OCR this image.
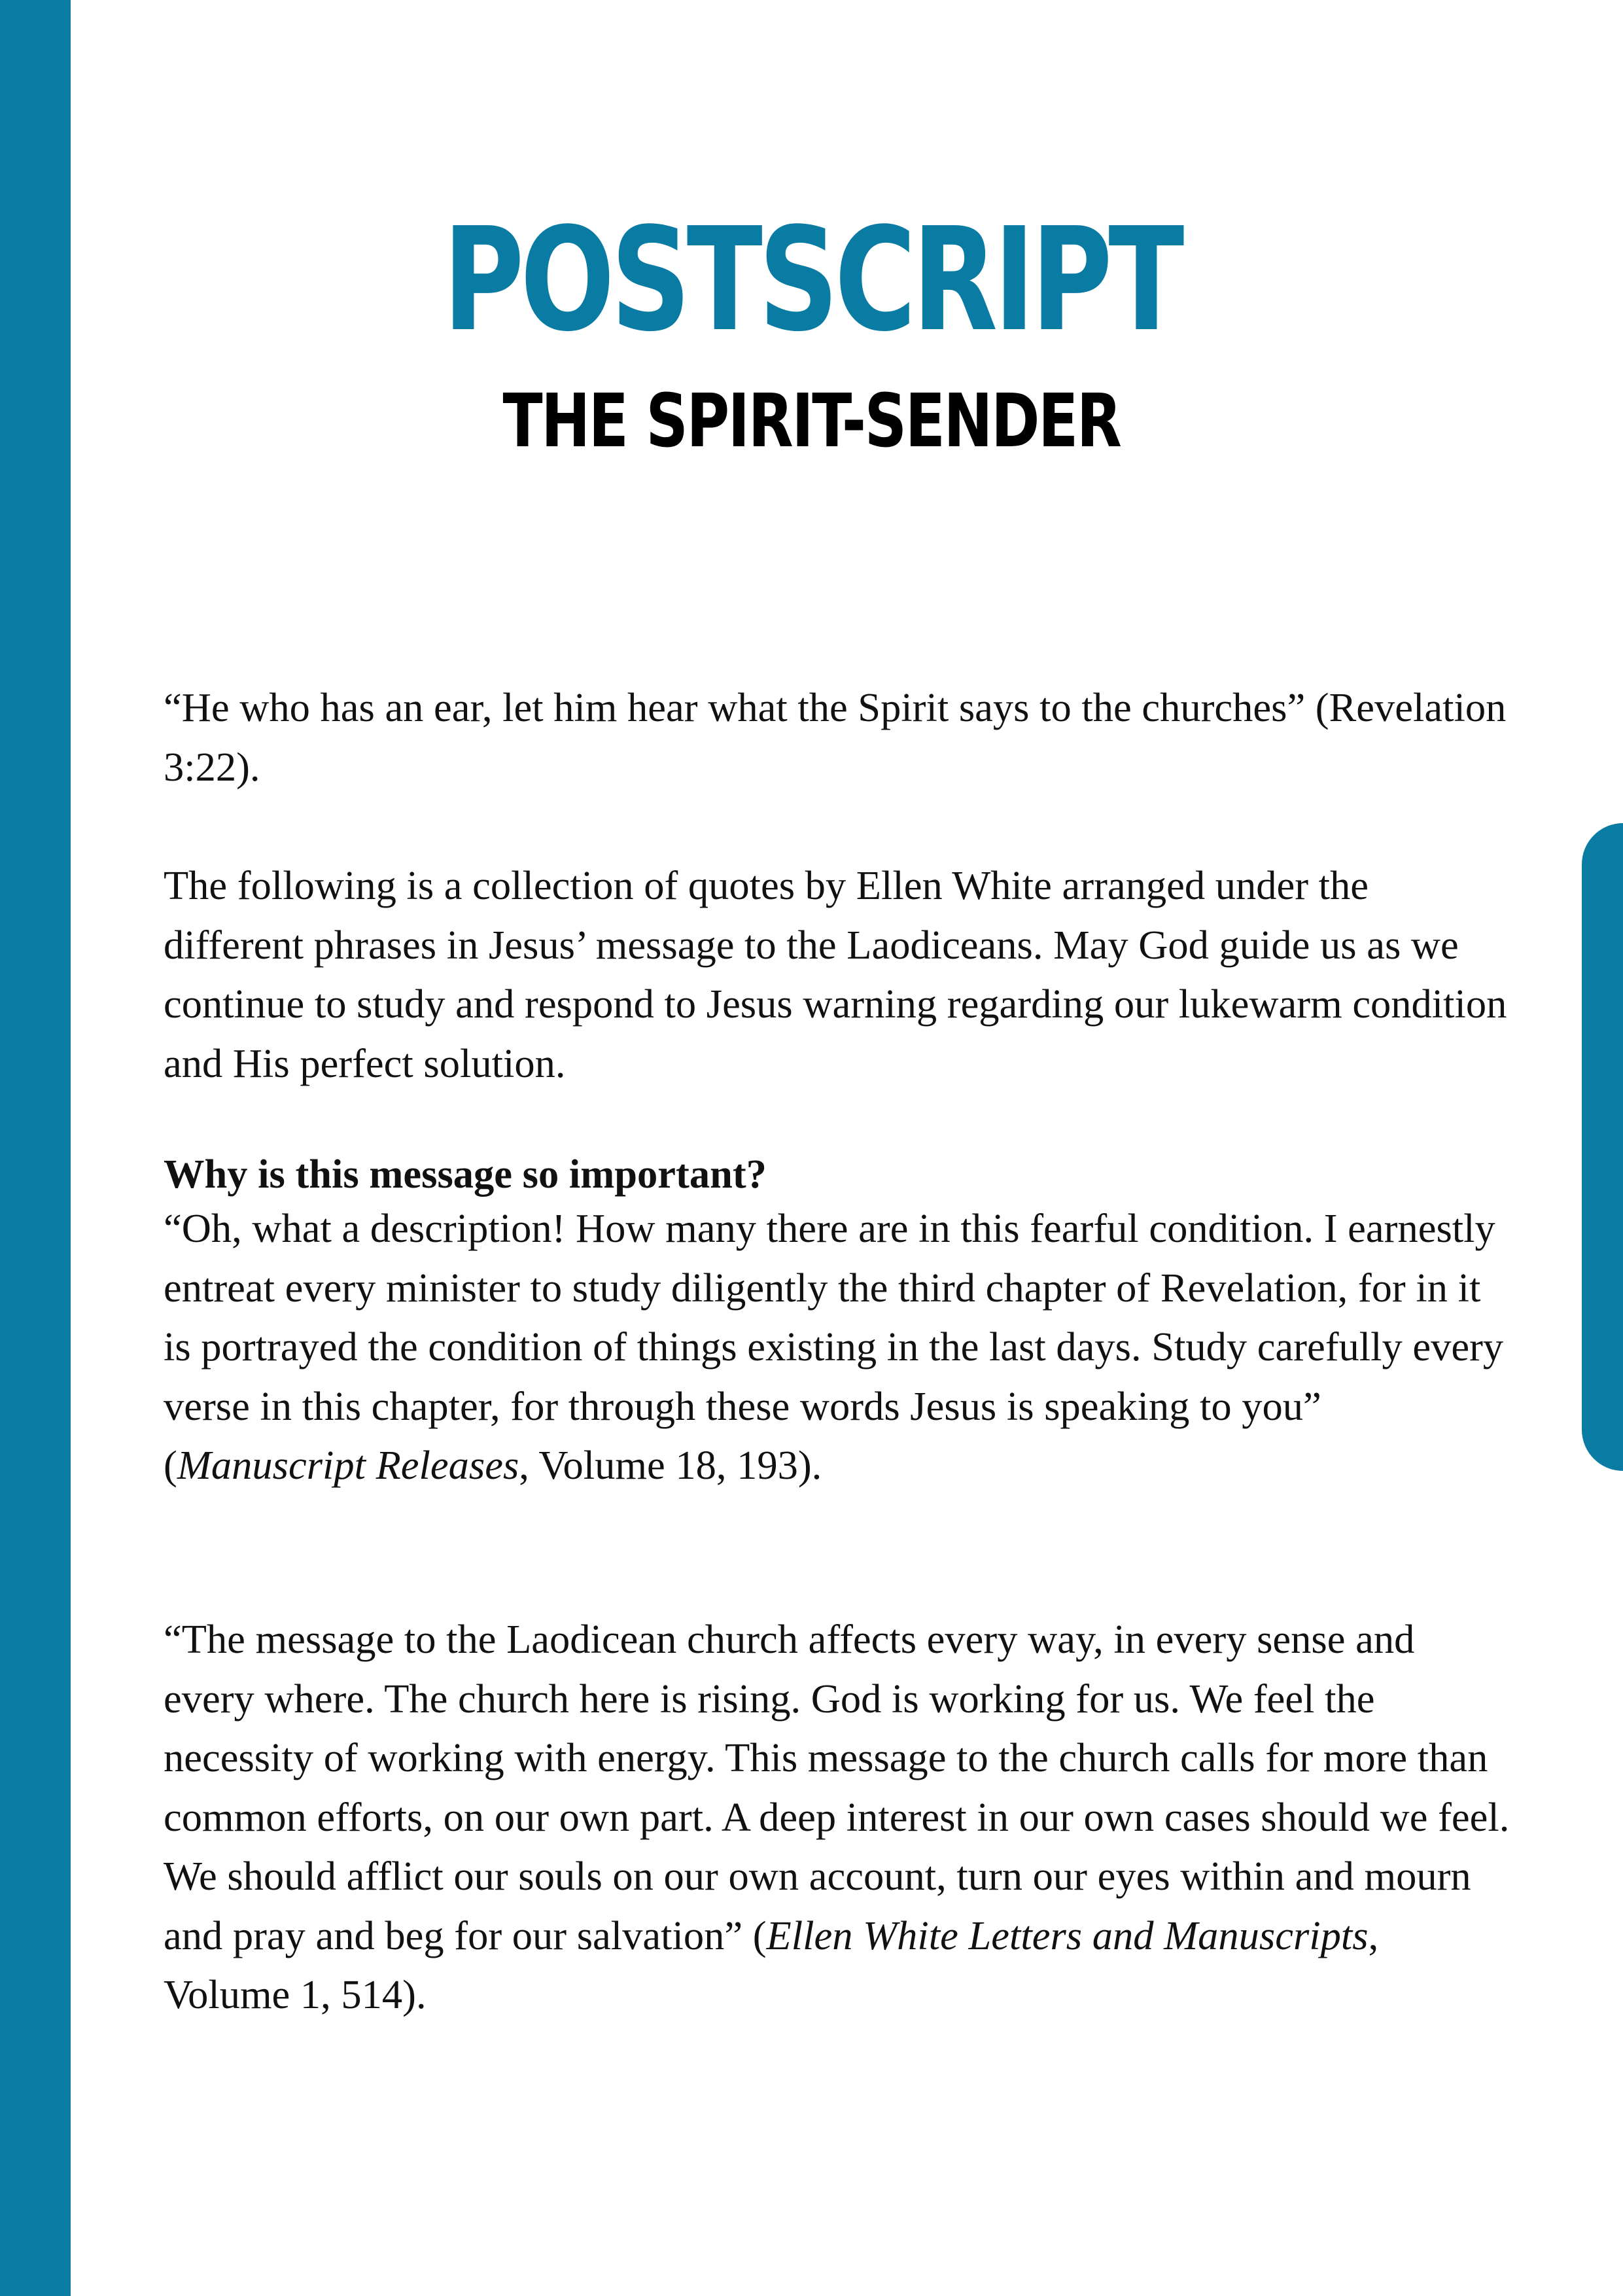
POSTSCRIPT
THE SPIRIT-SENDER

“He who has an ear, let him hear what the Spirit says to the churches” (Revelation 3:22).

The following is a collection of quotes by Ellen White arranged under the different phrases in Jesus’ message to the Laodiceans. May God guide us as we continue to study and respond to Jesus warning regarding our lukewarm condition and His perfect solution.

Why is this message so important?

“Oh, what a description! How many there are in this fearful condition. I earnestly entreat every minister to study diligently the third chapter of Revelation, for in it is portrayed the condition of things existing in the last days. Study carefully every verse in this chapter, for through these words Jesus is speaking to you” (Manuscript Releases, Volume 18, 193).

“The message to the Laodicean church affects every way, in every sense and every where. The church here is rising. God is working for us. We feel the necessity of working with energy. This message to the church calls for more than common efforts, on our own part. A deep interest in our own cases should we feel. We should afflict our souls on our own account, turn our eyes within and mourn and pray and beg for our salvation” (Ellen White Letters and Manuscripts, Volume 1, 514).
